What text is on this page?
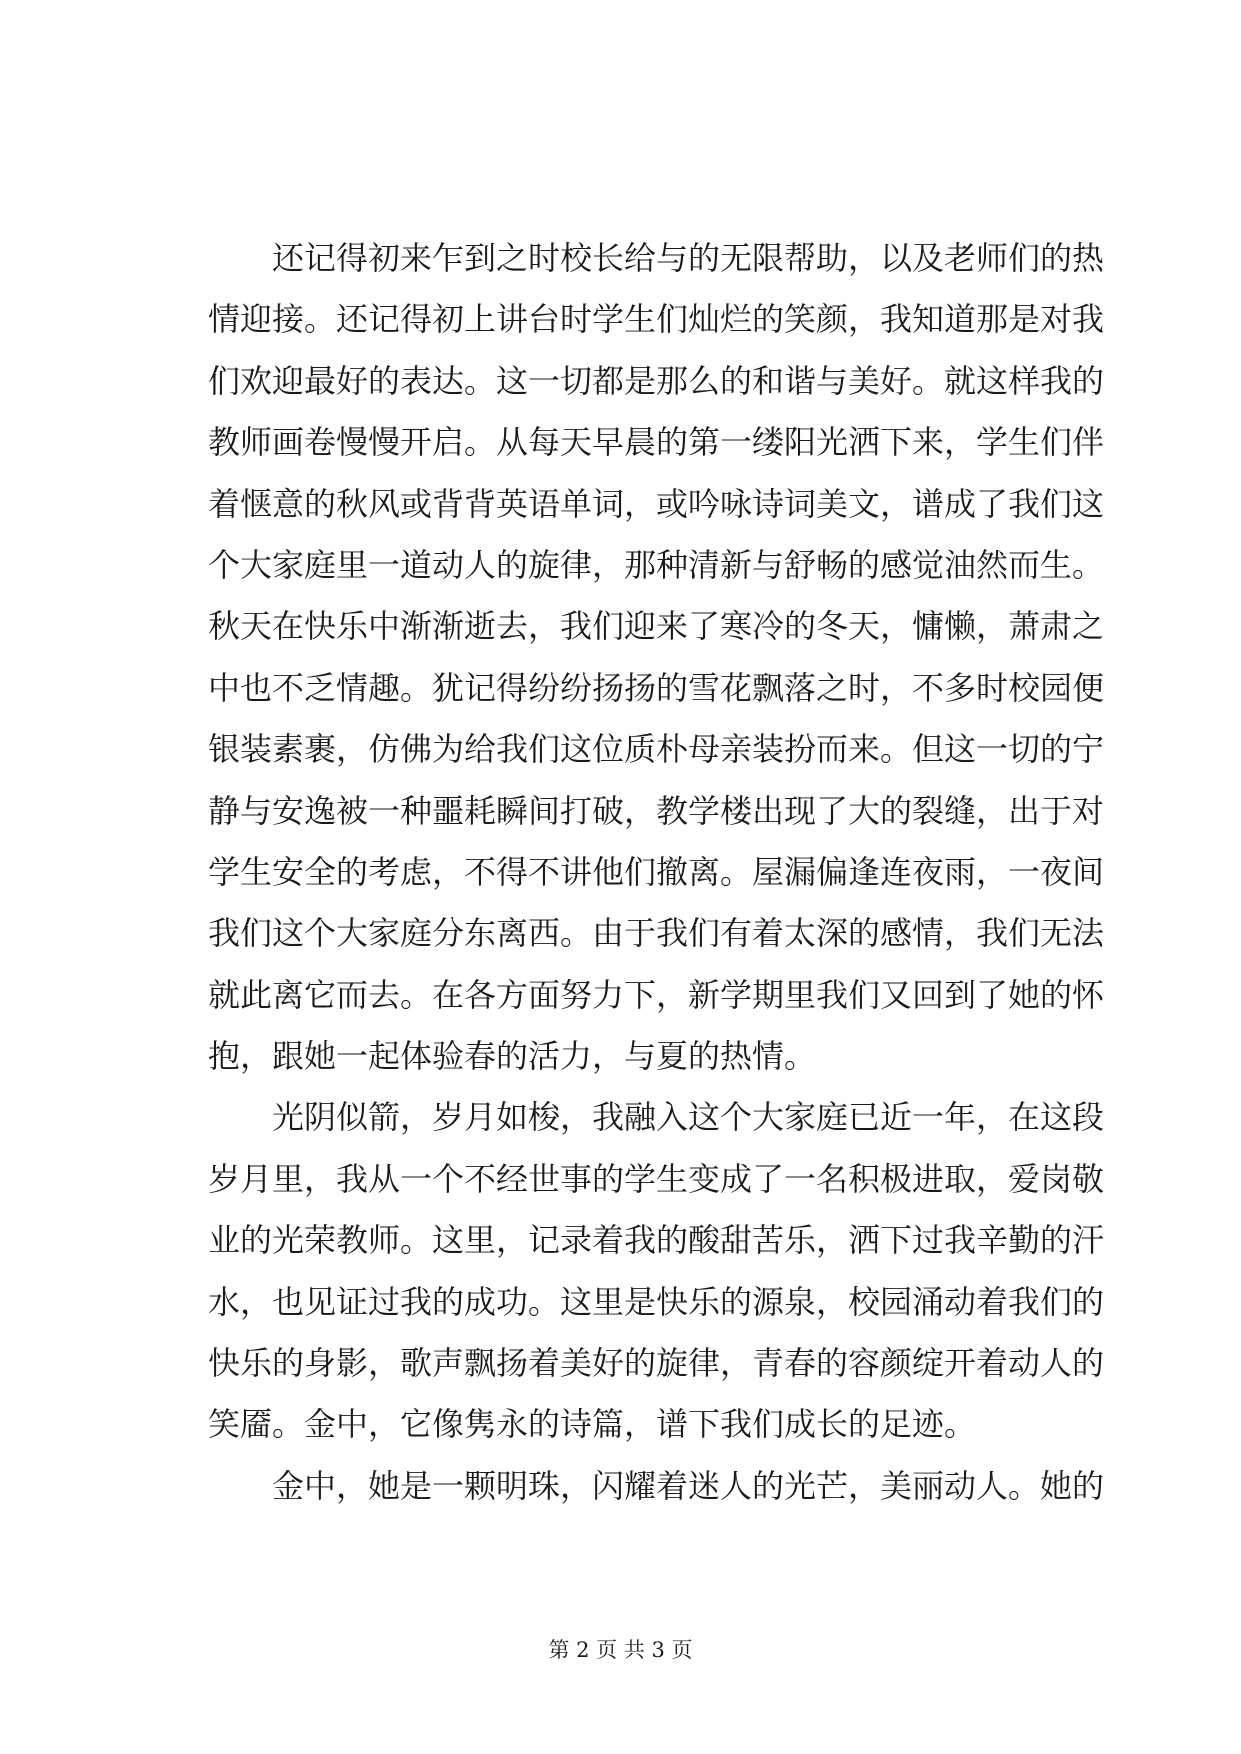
还记得初来乍到之时校长给与的无限帮助，以及老师们的热
情迎接。还记得初上讲台时学生们灿烂的笑颜，我知道那是对我
们欢迎最好的表达。这一切都是那么的和谐与美好。就这样我的
教师画卷慢慢开启。从每天早晨的第一缕阳光洒下来，学生们伴
着惬意的秋风或背背英语单词，或吟咏诗词美文，谱成了我们这
个大家庭里一道动人的旋律，那种清新与舒畅的感觉油然而生。
秋天在快乐中渐渐逝去，我们迎来了寒冷的冬天，慵懒，萧肃之
中也不乏情趣。犹记得纷纷扬扬的雪花飘落之时，不多时校园便
银装素裹，仿佛为给我们这位质朴母亲装扮而来。但这一切的宁
静与安逸被一种噩耗瞬间打破，教学楼出现了大的裂缝，出于对
学生安全的考虑，不得不讲他们撤离。屋漏偏逢连夜雨，一夜间
我们这个大家庭分东离西。由于我们有着太深的感情，我们无法
就此离它而去。在各方面努力下，新学期里我们又回到了她的怀
抱，跟她一起体验春的活力，与夏的热情。
光阴似箭，岁月如梭，我融入这个大家庭已近一年，在这段
岁月里，我从一个不经世事的学生变成了一名积极进取，爱岗敬
业的光荣教师。这里，记录着我的酸甜苦乐，洒下过我辛勤的汗
水，也见证过我的成功。这里是快乐的源泉，校园涌动着我们的
快乐的身影，歌声飘扬着美好的旋律，青春的容颜绽开着动人的
笑靥。金中，它像隽永的诗篇，谱下我们成长的足迹。
金中，她是一颗明珠，闪耀着迷人的光芒，美丽动人。她的
第 2 页 共 3 页
